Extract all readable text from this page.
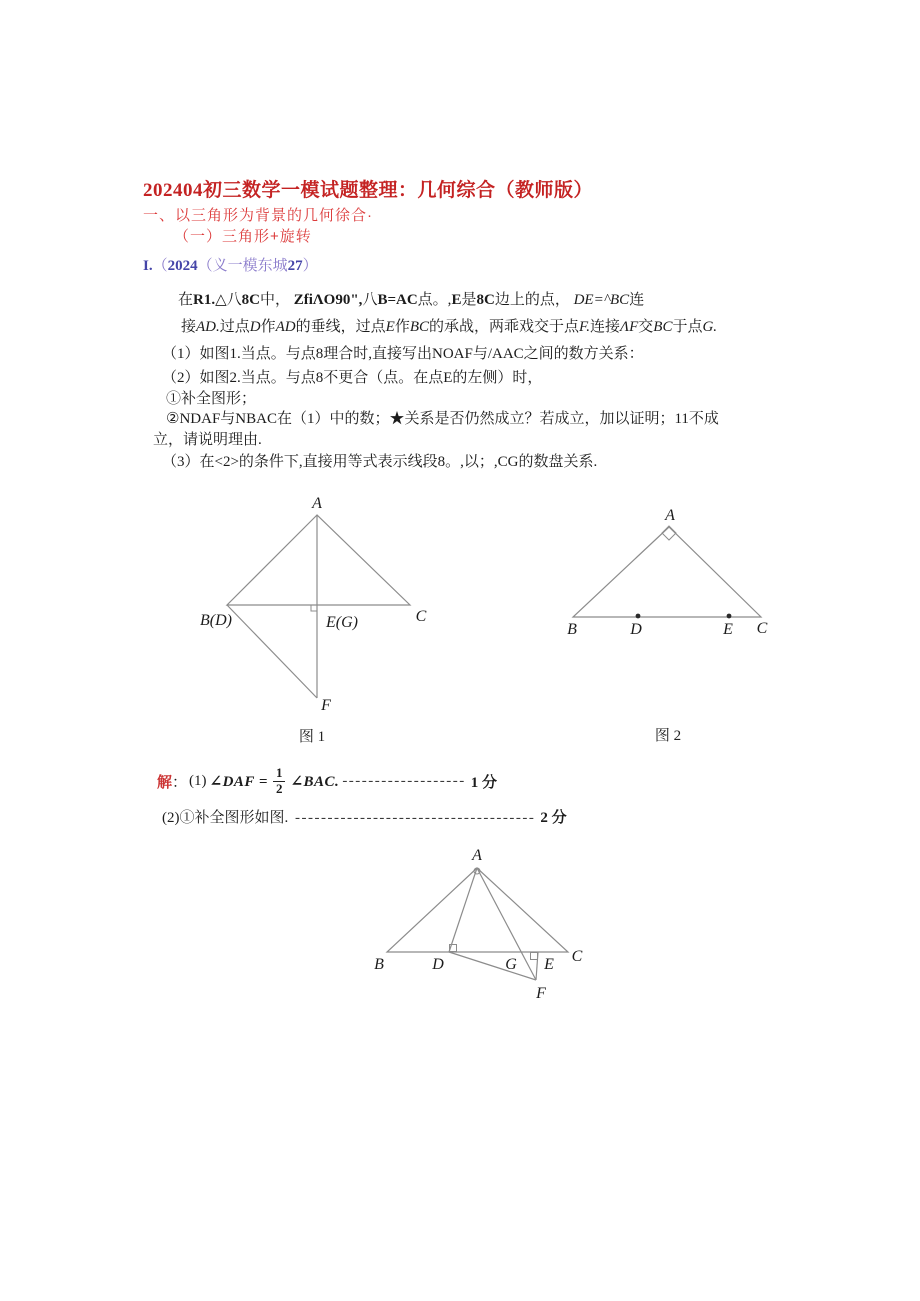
202404初三数学一模试题整理：几何综合（教师版）
一、以三角形为背景的几何徐合·
（一）三角形+旋转
I.（2024（义一模东城27）
在R1.△八8C中， ZfiΛO90",八B=AC点。,E是8C边上的点， DE=^BC连
接AD.过点D作AD的垂线，过点E作BC的承战，两乖戏交于点F.连接ΛF交BC于点G.
（1）如图1.当点。与点8理合时,直接写出NOAF与/AAC之间的数方关系：
（2）如图2.当点。与点8不更合（点。在点E的左侧）时，
①补全图形；
②NDAF与NBAC在（1）中的数；★关系是否仍然成立？若成立，加以证明；11不成
立，请说明理由.
（3）在<2>的条件下,直接用等式表示线段8。,以；,CG的数盘关系.
A
B(D)	C
E(G)
F
图 1
A
B	C
D	E
图 2
解 ： (1) ∠DAF = $\frac{1}{2}$ ∠BAC. ------------------- 1 分
(2)①补全图形如图. ------------------------------------- 2 分
A
B	C
D	G E
F
